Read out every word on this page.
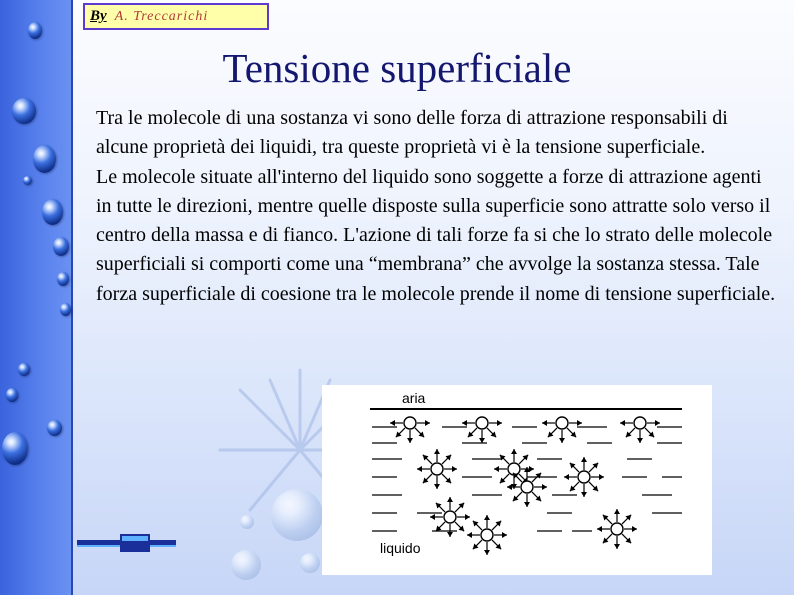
By A. Treccarichi
Tensione superficiale

Tra le molecole di una sostanza vi sono delle forza di attrazione responsabili di alcune proprietà dei liquidi, tra queste proprietà vi è la tensione superficiale.

Le molecole situate all'interno del liquido sono soggette a forze di attrazione agenti in tutte le direzioni, mentre quelle disposte sulla superficie sono attratte solo verso il centro della massa e di fianco. L'azione di tali forze fa si che lo strato delle molecole superficiali si comporti come una “membrana” che avvolge la sostanza stessa. Tale forza superficiale di coesione tra le molecole prende il nome di tensione superficiale.

aria
liquido
